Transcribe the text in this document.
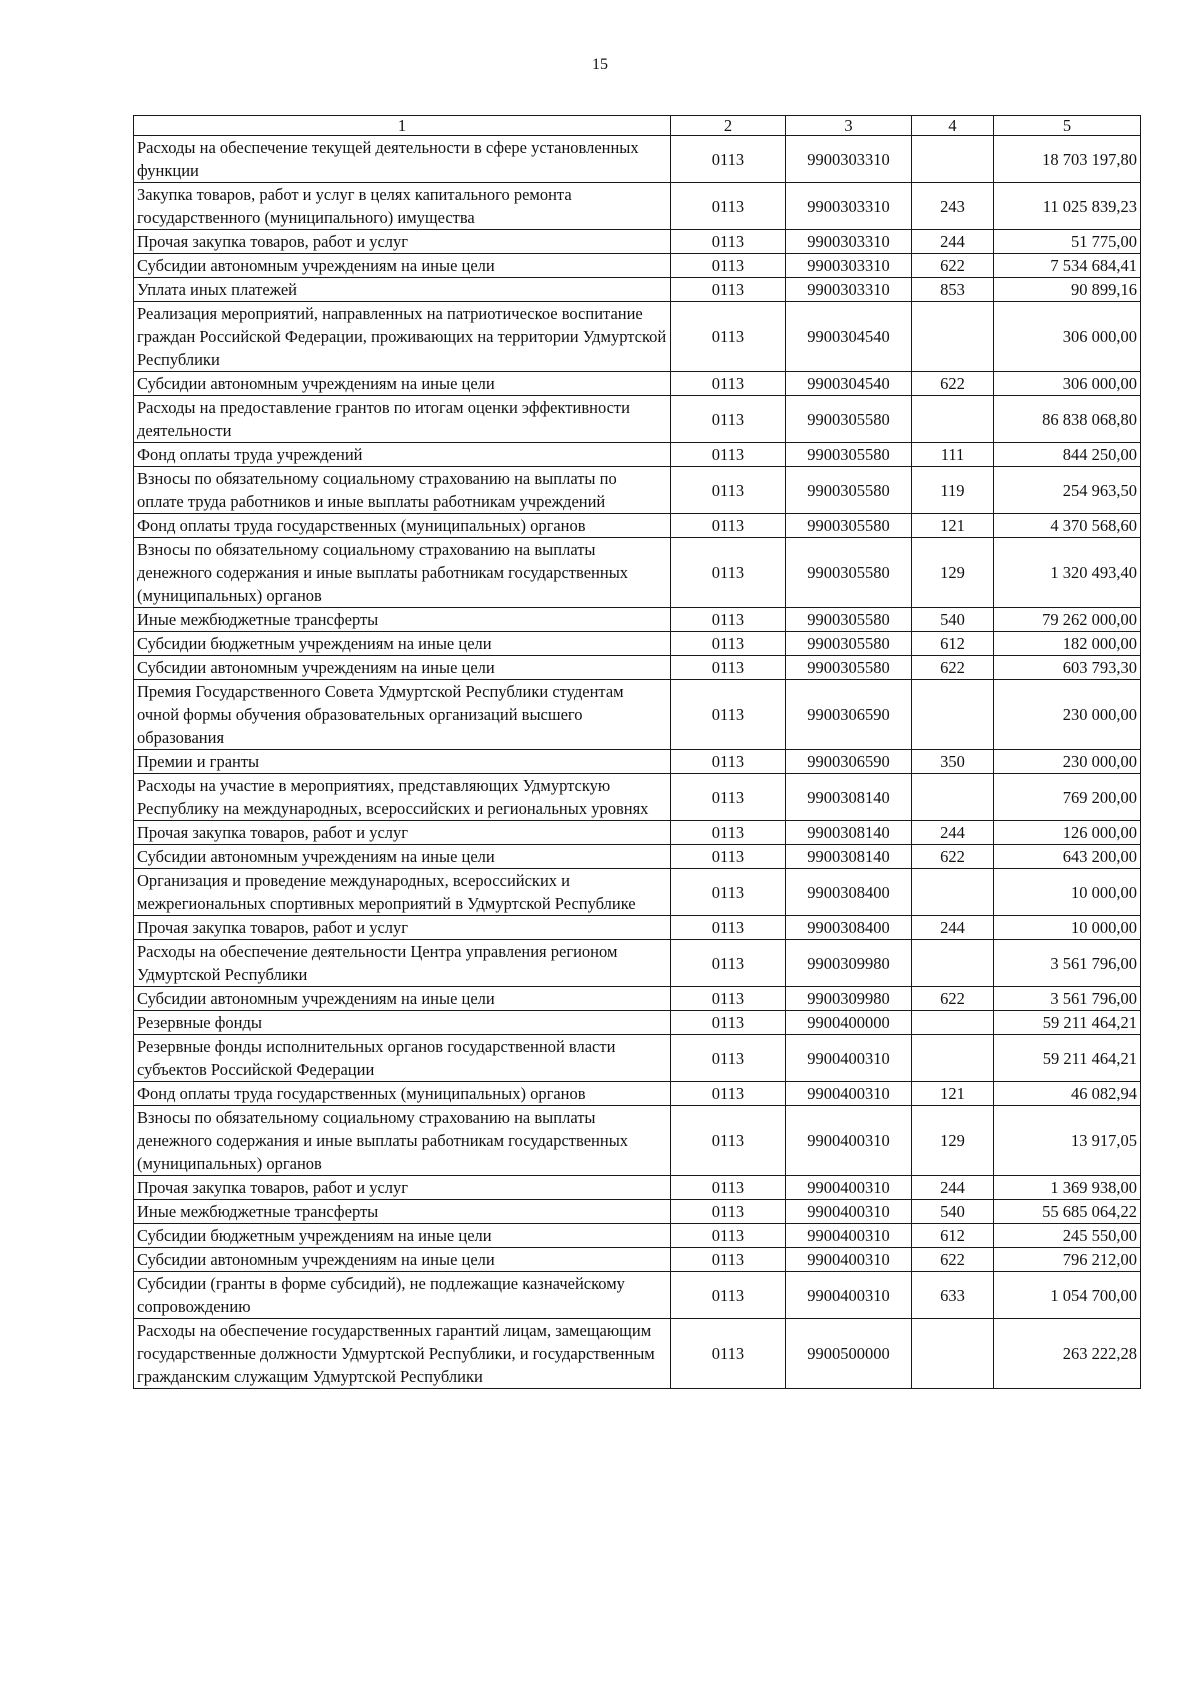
15
1	2	3	4	5
Расходы на обеспечение текущей деятельности в сфере установленных функции	0113	9900303310		18 703 197,80
Закупка товаров, работ и услуг в целях капитального ремонта государственного (муниципального) имущества	0113	9900303310	243	11 025 839,23
Прочая закупка товаров, работ и услуг	0113	9900303310	244	51 775,00
Субсидии автономным учреждениям на иные цели	0113	9900303310	622	7 534 684,41
Уплата иных платежей	0113	9900303310	853	90 899,16
Реализация мероприятий, направленных на патриотическое воспитание граждан Российской Федерации, проживающих на территории Удмуртской Республики	0113	9900304540		306 000,00
Субсидии автономным учреждениям на иные цели	0113	9900304540	622	306 000,00
Расходы на предоставление грантов по итогам оценки эффективности деятельности	0113	9900305580		86 838 068,80
Фонд оплаты труда учреждений	0113	9900305580	111	844 250,00
Взносы по обязательному социальному страхованию на выплаты по оплате труда работников и иные выплаты работникам учреждений	0113	9900305580	119	254 963,50
Фонд оплаты труда государственных (муниципальных) органов	0113	9900305580	121	4 370 568,60
Взносы по обязательному социальному страхованию на выплаты денежного содержания и иные выплаты работникам государственных (муниципальных) органов	0113	9900305580	129	1 320 493,40
Иные межбюджетные трансферты	0113	9900305580	540	79 262 000,00
Субсидии бюджетным учреждениям на иные цели	0113	9900305580	612	182 000,00
Субсидии автономным учреждениям на иные цели	0113	9900305580	622	603 793,30
Премия Государственного Совета Удмуртской Республики студентам очной формы обучения образовательных организаций высшего образования	0113	9900306590		230 000,00
Премии и гранты	0113	9900306590	350	230 000,00
Расходы на участие в мероприятиях, представляющих Удмуртскую Республику на международных, всероссийских и региональных уровнях	0113	9900308140		769 200,00
Прочая закупка товаров, работ и услуг	0113	9900308140	244	126 000,00
Субсидии автономным учреждениям на иные цели	0113	9900308140	622	643 200,00
Организация и проведение международных, всероссийских и межрегиональных спортивных мероприятий в Удмуртской Республике	0113	9900308400		10 000,00
Прочая закупка товаров, работ и услуг	0113	9900308400	244	10 000,00
Расходы на обеспечение деятельности Центра управления регионом Удмуртской Республики	0113	9900309980		3 561 796,00
Субсидии автономным учреждениям на иные цели	0113	9900309980	622	3 561 796,00
Резервные фонды	0113	9900400000		59 211 464,21
Резервные фонды исполнительных органов государственной власти субъектов Российской Федерации	0113	9900400310		59 211 464,21
Фонд оплаты труда государственных (муниципальных) органов	0113	9900400310	121	46 082,94
Взносы по обязательному социальному страхованию на выплаты денежного содержания и иные выплаты работникам государственных (муниципальных) органов	0113	9900400310	129	13 917,05
Прочая закупка товаров, работ и услуг	0113	9900400310	244	1 369 938,00
Иные межбюджетные трансферты	0113	9900400310	540	55 685 064,22
Субсидии бюджетным учреждениям на иные цели	0113	9900400310	612	245 550,00
Субсидии автономным учреждениям на иные цели	0113	9900400310	622	796 212,00
Субсидии (гранты в форме субсидий), не подлежащие казначейскому сопровождению	0113	9900400310	633	1 054 700,00
Расходы на обеспечение государственных гарантий лицам, замещающим государственные должности Удмуртской Республики, и государственным гражданским служащим Удмуртской Республики	0113	9900500000		263 222,28
